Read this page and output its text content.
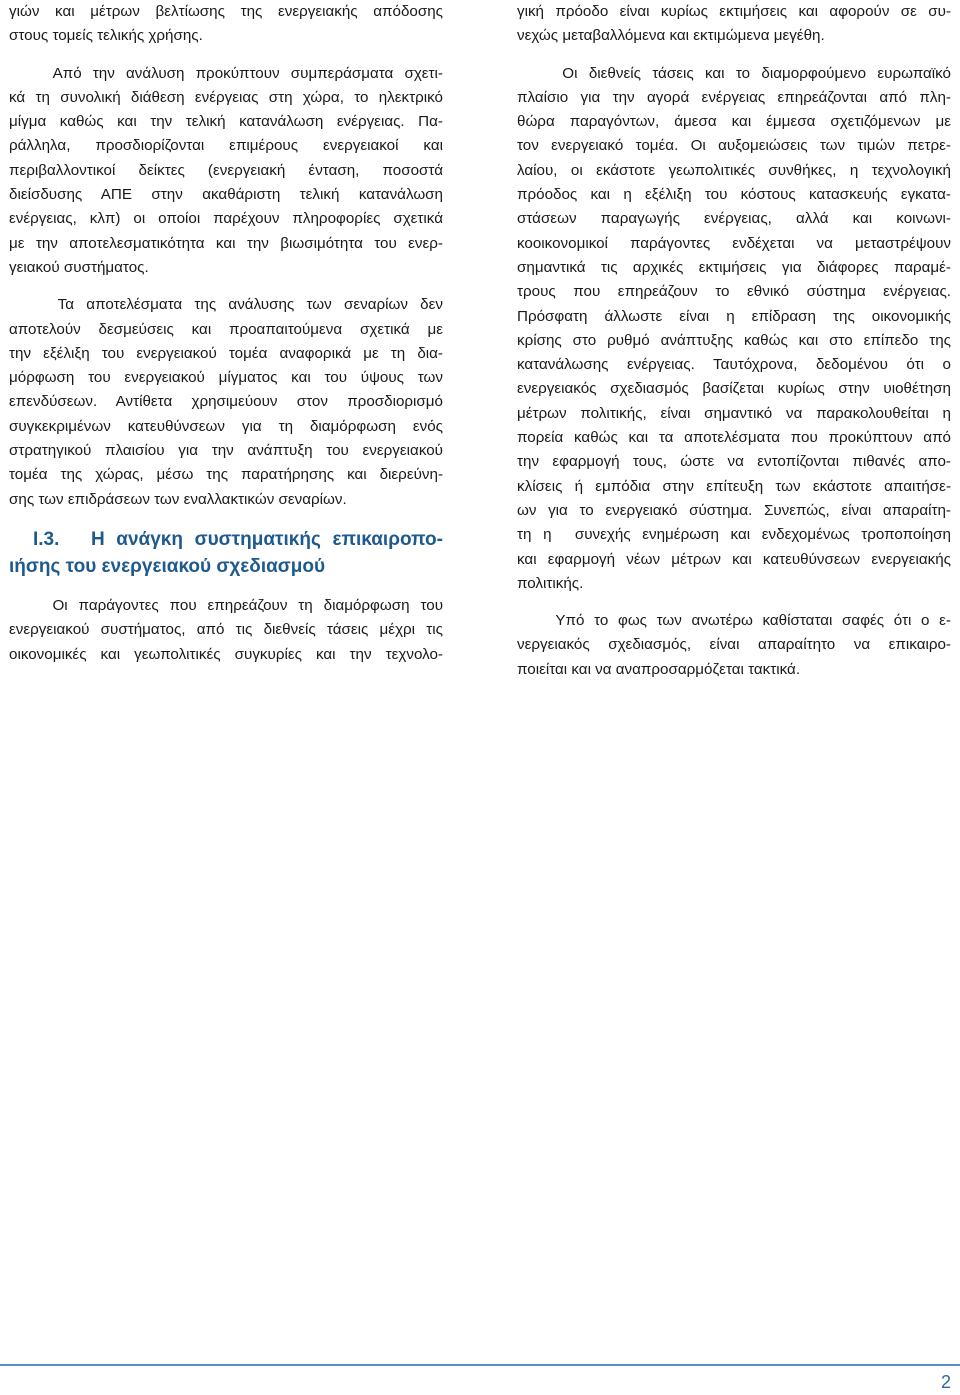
γιών και μέτρων βελτίωσης της ενεργειακής απόδοσης
στους τομείς τελικής χρήσης.
Από την ανάλυση προκύπτουν συμπεράσματα σχετι-
κά τη συνολική διάθεση ενέργειας στη χώρα, το ηλεκτρικό
μίγμα καθώς και την τελική κατανάλωση ενέργειας. Πα-
ράλληλα, προσδιορίζονται επιμέρους ενεργειακοί και
περιβαλλοντικοί δείκτες (ενεργειακή ένταση, ποσοστά
διείσδυσης ΑΠΕ στην ακαθάριστη τελική κατανάλωση
ενέργειας, κλπ) οι οποίοι παρέχουν πληροφορίες σχετικά
με την αποτελεσματικότητα και την βιωσιμότητα του ενερ-
γειακού συστήματος.
Τα αποτελέσματα της ανάλυσης των σεναρίων δεν
αποτελούν δεσμεύσεις και προαπαιτούμενα σχετικά με
την εξέλιξη του ενεργειακού τομέα αναφορικά με τη δια-
μόρφωση του ενεργειακού μίγματος και του ύψους των
επενδύσεων. Αντίθετα χρησιμεύουν στον προσδιορισμό
συγκεκριμένων κατευθύνσεων για τη διαμόρφωση ενός
στρατηγικού πλαισίου για την ανάπτυξη του ενεργειακού
τομέα της χώρας, μέσω της παρατήρησης και διερεύνη-
σης των επιδράσεων των εναλλακτικών σεναρίων.
Ι.3. Η ανάγκη συστηματικής επικαιροπο-
ιήσης του ενεργειακού σχεδιασμού
Οι παράγοντες που επηρεάζουν τη διαμόρφωση του
ενεργειακού συστήματος, από τις διεθνείς τάσεις μέχρι τις
οικονομικές και γεωπολιτικές συγκυρίες και την τεχνολο-
γική πρόοδο είναι κυρίως εκτιμήσεις και αφορούν σε συ-
νεχώς μεταβαλλόμενα και εκτιμώμενα μεγέθη.
Οι διεθνείς τάσεις και το διαμορφούμενο ευρωπαϊκό
πλαίσιο για την αγορά ενέργειας επηρεάζονται από πλη-
θώρα παραγόντων, άμεσα και έμμεσα σχετιζόμενων με
τον ενεργειακό τομέα. Οι αυξομειώσεις των τιμών πετρε-
λαίου, οι εκάστοτε γεωπολιτικές συνθήκες, η τεχνολογική
πρόοδος και η εξέλιξη του κόστους κατασκευής εγκατα-
στάσεων παραγωγής ενέργειας, αλλά και κοινωνι-
κοοικονομικοί παράγοντες ενδέχεται να μεταστρέψουν
σημαντικά τις αρχικές εκτιμήσεις για διάφορες παραμέ-
τρους που επηρεάζουν το εθνικό σύστημα ενέργειας.
Πρόσφατη άλλωστε είναι η επίδραση της οικονομικής
κρίσης στο ρυθμό ανάπτυξης καθώς και στο επίπεδο της
κατανάλωσης ενέργειας. Ταυτόχρονα, δεδομένου ότι ο
ενεργειακός σχεδιασμός βασίζεται κυρίως στην υιοθέτηση
μέτρων πολιτικής, είναι σημαντικό να παρακολουθείται η
πορεία καθώς και τα αποτελέσματα που προκύπτουν από
την εφαρμογή τους, ώστε να εντοπίζονται πιθανές απο-
κλίσεις ή εμπόδια στην επίτευξη των εκάστοτε απαιτήσε-
ων για το ενεργειακό σύστημα. Συνεπώς, είναι απαραίτη-
τη η  συνεχής ενημέρωση και ενδεχομένως τροποποίηση
και εφαρμογή νέων μέτρων και κατευθύνσεων ενεργειακής
πολιτικής.
Υπό το φως των ανωτέρω καθίσταται σαφές ότι ο ε-
νεργειακός σχεδιασμός, είναι απαραίτητο να επικαιρο-
ποιείται και να αναπροσαρμόζεται τακτικά.
2
